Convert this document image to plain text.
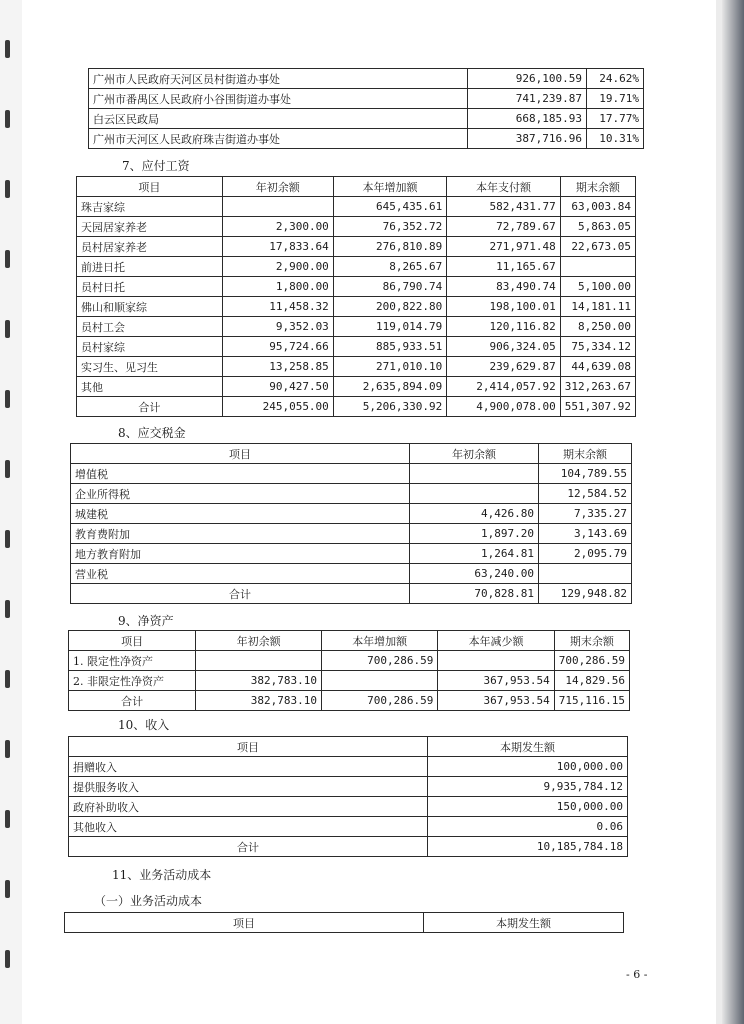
广州市人民政府天河区员村街道办事处	926,100.59	24.62%
广州市番禺区人民政府小谷围街道办事处	741,239.87	19.71%
白云区民政局	668,185.93	17.77%
广州市天河区人民政府珠吉街道办事处	387,716.96	10.31%
7、应付工资
项目	年初余额	本年增加额	本年支付额	期末余额
珠吉家综		645,435.61	582,431.77	63,003.84
天园居家养老	2,300.00	76,352.72	72,789.67	5,863.05
员村居家养老	17,833.64	276,810.89	271,971.48	22,673.05
前进日托	2,900.00	8,265.67	11,165.67	
员村日托	1,800.00	86,790.74	83,490.74	5,100.00
佛山和顺家综	11,458.32	200,822.80	198,100.01	14,181.11
员村工会	9,352.03	119,014.79	120,116.82	8,250.00
员村家综	95,724.66	885,933.51	906,324.05	75,334.12
实习生、见习生	13,258.85	271,010.10	239,629.87	44,639.08
其他	90,427.50	2,635,894.09	2,414,057.92	312,263.67
合计	245,055.00	5,206,330.92	4,900,078.00	551,307.92
8、应交税金
项目	年初余额	期末余额
增值税		104,789.55
企业所得税		12,584.52
城建税	4,426.80	7,335.27
教育费附加	1,897.20	3,143.69
地方教育附加	1,264.81	2,095.79
营业税	63,240.00	
合计	70,828.81	129,948.82
9、净资产
项目	年初余额	本年增加额	本年减少额	期末余额
1. 限定性净资产		700,286.59		700,286.59
2. 非限定性净资产	382,783.10		367,953.54	14,829.56
合计	382,783.10	700,286.59	367,953.54	715,116.15
10、收入
项目	本期发生额
捐赠收入	100,000.00
提供服务收入	9,935,784.12
政府补助收入	150,000.00
其他收入	0.06
合计	10,185,784.18
11、业务活动成本
（一）业务活动成本
项目	本期发生额
- 6 -
